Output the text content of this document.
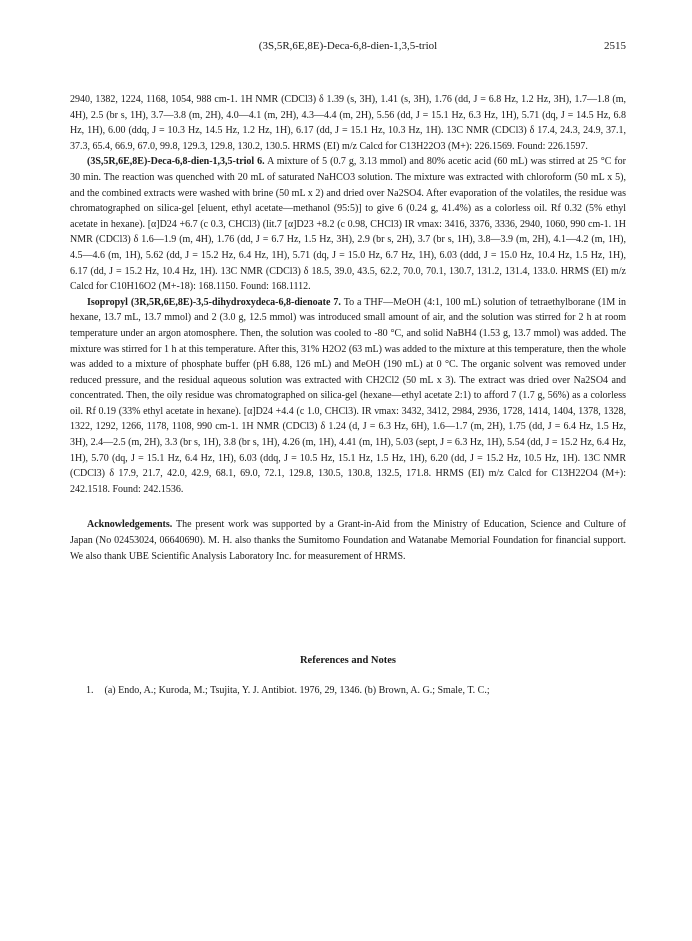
(3S,5R,6E,8E)-Deca-6,8-dien-1,3,5-triol	2515

2940, 1382, 1224, 1168, 1054, 988 cm-1. 1H NMR (CDCl3) δ 1.39 (s, 3H), 1.41 (s, 3H), 1.76 (dd, J = 6.8 Hz, 1.2 Hz, 3H), 1.7—1.8 (m, 4H), 2.5 (br s, 1H), 3.7—3.8 (m, 2H), 4.0—4.1 (m, 2H), 4.3—4.4 (m, 2H), 5.56 (dd, J = 15.1 Hz, 6.3 Hz, 1H), 5.71 (dq, J = 14.5 Hz, 6.8 Hz, 1H), 6.00 (ddq, J = 10.3 Hz, 14.5 Hz, 1.2 Hz, 1H), 6.17 (dd, J = 15.1 Hz, 10.3 Hz, 1H). 13C NMR (CDCl3) δ 17.4, 24.3, 24.9, 37.1, 37.3, 65.4, 66.9, 67.0, 99.8, 129.3, 129.8, 130.2, 130.5. HRMS (EI) m/z Calcd for C13H22O3 (M+): 226.1569. Found: 226.1597.

(3S,5R,6E,8E)-Deca-6,8-dien-1,3,5-triol 6. A mixture of 5 (0.7 g, 3.13 mmol) and 80% acetic acid (60 mL) was stirred at 25 °C for 30 min. The reaction was quenched with 20 mL of saturated NaHCO3 solution. The mixture was extracted with chloroform (50 mL x 5), and the combined extracts were washed with brine (50 mL x 2) and dried over Na2SO4. After evaporation of the volatiles, the residue was chromatographed on silica-gel [eluent, ethyl acetate—methanol (95:5)] to give 6 (0.24 g, 41.4%) as a colorless oil. Rf 0.32 (5% ethyl acetate in hexane). [α]D24 +6.7 (c 0.3, CHCl3) (lit.7 [α]D23 +8.2 (c 0.98, CHCl3) IR νmax: 3416, 3376, 3336, 2940, 1060, 990 cm-1. 1H NMR (CDCl3) δ 1.6—1.9 (m, 4H), 1.76 (dd, J = 6.7 Hz, 1.5 Hz, 3H), 2.9 (br s, 2H), 3.7 (br s, 1H), 3.8—3.9 (m, 2H), 4.1—4.2 (m, 1H), 4.5—4.6 (m, 1H), 5.62 (dd, J = 15.2 Hz, 6.4 Hz, 1H), 5.71 (dq, J = 15.0 Hz, 6.7 Hz, 1H), 6.03 (ddd, J = 15.0 Hz, 10.4 Hz, 1.5 Hz, 1H), 6.17 (dd, J = 15.2 Hz, 10.4 Hz, 1H). 13C NMR (CDCl3) δ 18.5, 39.0, 43.5, 62.2, 70.0, 70.1, 130.7, 131.2, 131.4, 133.0. HRMS (EI) m/z Calcd for C10H16O2 (M+-18): 168.1150. Found: 168.1112.

Isopropyl (3R,5R,6E,8E)-3,5-dihydroxydeca-6,8-dienoate 7. To a THF—MeOH (4:1, 100 mL) solution of tetraethylborane (1M in hexane, 13.7 mL, 13.7 mmol) and 2 (3.0 g, 12.5 mmol) was introduced small amount of air, and the solution was stirred for 2 h at room temperature under an argon atomosphere. Then, the solution was cooled to -80 °C, and solid NaBH4 (1.53 g, 13.7 mmol) was added. The mixture was stirred for 1 h at this temperature. After this, 31% H2O2 (63 mL) was added to the mixture at this temperature, then the whole was added to a mixture of phosphate buffer (pH 6.88, 126 mL) and MeOH (190 mL) at 0 °C. The organic solvent was removed under reduced pressure, and the residual aqueous solution was extracted with CH2Cl2 (50 mL x 3). The extract was dried over Na2SO4 and concentrated. Then, the oily residue was chromatographed on silica-gel (hexane—ethyl acetate 2:1) to afford 7 (1.7 g, 56%) as a colorless oil. Rf 0.19 (33% ethyl acetate in hexane). [α]D24 +4.4 (c 1.0, CHCl3). IR νmax: 3432, 3412, 2984, 2936, 1728, 1414, 1404, 1378, 1328, 1322, 1292, 1266, 1178, 1108, 990 cm-1. 1H NMR (CDCl3) δ 1.24 (d, J = 6.3 Hz, 6H), 1.6—1.7 (m, 2H), 1.75 (dd, J = 6.4 Hz, 1.5 Hz, 3H), 2.4—2.5 (m, 2H), 3.3 (br s, 1H), 3.8 (br s, 1H), 4.26 (m, 1H), 4.41 (m, 1H), 5.03 (sept, J = 6.3 Hz, 1H), 5.54 (dd, J = 15.2 Hz, 6.4 Hz, 1H), 5.70 (dq, J = 15.1 Hz, 6.4 Hz, 1H), 6.03 (ddq, J = 10.5 Hz, 15.1 Hz, 1.5 Hz, 1H), 6.20 (dd, J = 15.2 Hz, 10.5 Hz, 1H). 13C NMR (CDCl3) δ 17.9, 21.7, 42.0, 42.9, 68.1, 69.0, 72.1, 129.8, 130.5, 130.8, 132.5, 171.8. HRMS (EI) m/z Calcd for C13H22O4 (M+): 242.1518. Found: 242.1536.

Acknowledgements. The present work was supported by a Grant-in-Aid from the Ministry of Education, Science and Culture of Japan (No 02453024, 06640690). M. H. also thanks the Sumitomo Foundation and Watanabe Memorial Foundation for financial support. We also thank UBE Scientific Analysis Laboratory Inc. for measurement of HRMS.

References and Notes
1. (a) Endo, A.; Kuroda, M.; Tsujita, Y. J. Antibiot. 1976, 29, 1346. (b) Brown, A. G.; Smale, T. C.;
